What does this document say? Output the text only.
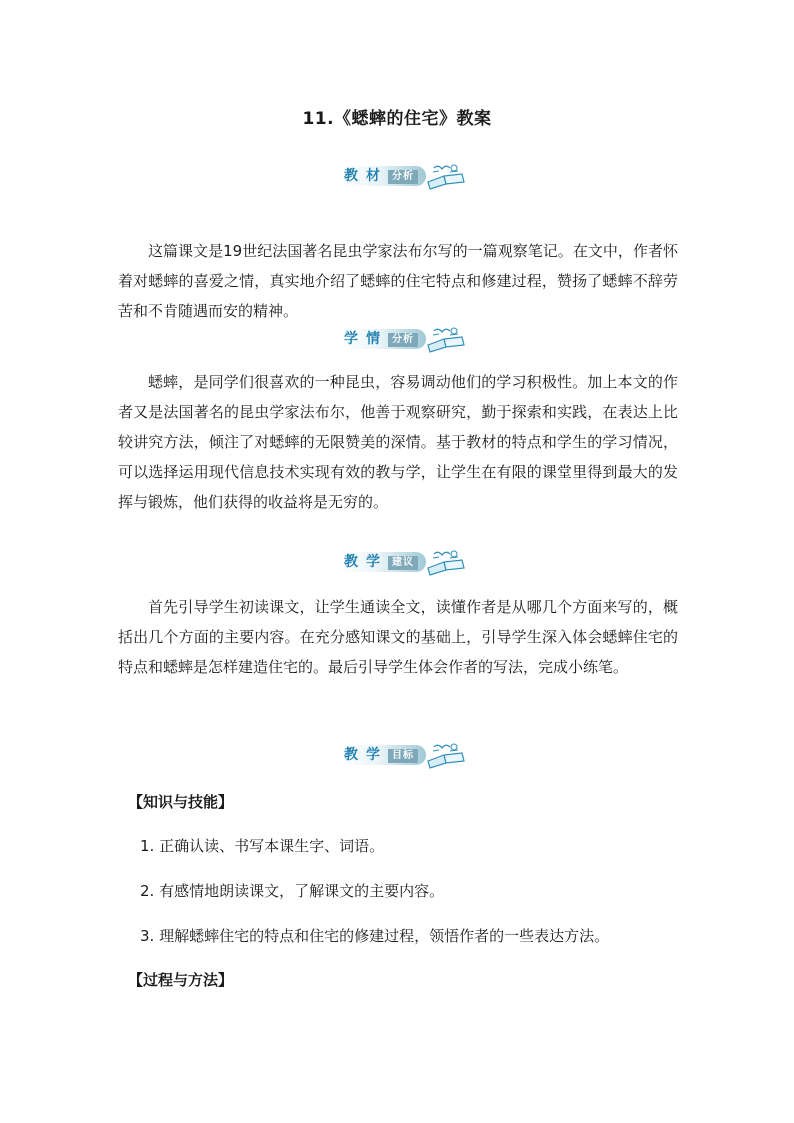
11.《蟋蟀的住宅》教案
教 材	分析

这篇课文是19世纪法国著名昆虫学家法布尔写的一篇观察笔记。在文中，作者怀着对蟋蟀的喜爱之情，真实地介绍了蟋蟀的住宅特点和修建过程，赞扬了蟋蟀不辞劳苦和不肯随遇而安的精神。

学 情	分析

蟋蟀，是同学们很喜欢的一种昆虫，容易调动他们的学习积极性。加上本文的作者又是法国著名的昆虫学家法布尔，他善于观察研究，勤于探索和实践，在表达上比较讲究方法，倾注了对蟋蟀的无限赞美的深情。基于教材的特点和学生的学习情况，可以选择运用现代信息技术实现有效的教与学，让学生在有限的课堂里得到最大的发挥与锻炼，他们获得的收益将是无穷的。

教 学	建议

首先引导学生初读课文，让学生通读全文，读懂作者是从哪几个方面来写的，概括出几个方面的主要内容。在充分感知课文的基础上，引导学生深入体会蟋蟀住宅的特点和蟋蟀是怎样建造住宅的。最后引导学生体会作者的写法，完成小练笔。

教 学	目标
【知识与技能】
1. 正确认读、书写本课生字、词语。
2. 有感情地朗读课文，了解课文的主要内容。
3. 理解蟋蟀住宅的特点和住宅的修建过程，领悟作者的一些表达方法。
【过程与方法】
